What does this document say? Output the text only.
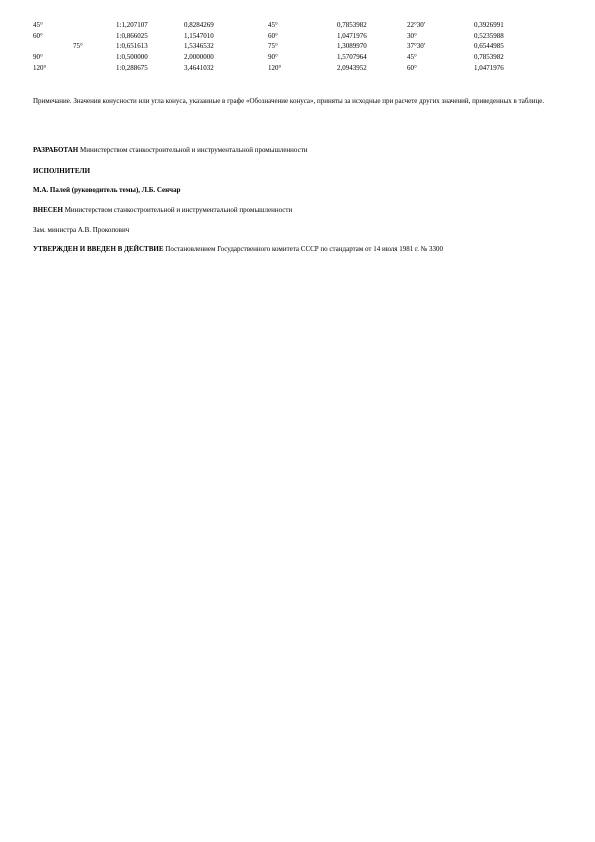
45°	1:1,207107	0,8284269	45°	0,7853982	22°30'	0,3926991
60°	1:0,866025	1,1547010	60°	1,0471976	30°	0,5235988
75°	1:0,651613	1,5346532	75°	1,3089970	37°30'	0,6544985
90°	1:0,500000	2,0000000	90°	1,5707964	45°	0,7853982
120°	1:0,288675	3,4641032	120°	2,0943952	60°	1,0471976
Примечание. Значения конусности или угла конуса, указанные в графе «Обозначение конуса», приняты за исходные при расчете других значений, приведенных в таблице.
РАЗРАБОТАН Министерством станкостроительной и инструментальной промышленности
ИСПОЛНИТЕЛИ
М.А. Палей (руководитель темы), Л.Б. Сенчар
ВНЕСЕН Министерством станкостроительной и инструментальной промышленности
Зам. министра А.В. Прокопович
УТВЕРЖДЕН И ВВЕДЕН В ДЕЙСТВИЕ Постановлением Государственного комитета СССР по стандартам от 14 июля 1981 г. № 3300
